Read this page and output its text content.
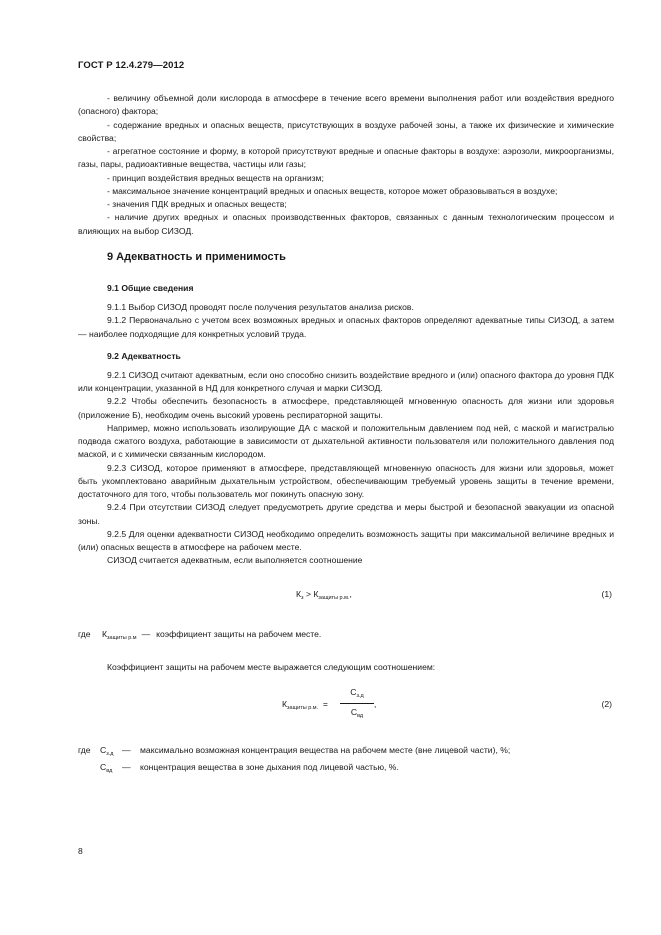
ГОСТ Р 12.4.279—2012

- величину объемной доли кислорода в атмосфере в течение всего времени выполнения работ или воздействия вредного (опасного) фактора;

- содержание вредных и опасных веществ, присутствующих в воздухе рабочей зоны, а также их физические и химические свойства;

- агрегатное состояние и форму, в которой присутствуют вредные и опасные факторы в воздухе: аэрозоли, микроорганизмы, газы, пары, радиоактивные вещества, частицы или газы;

- принцип воздействия вредных веществ на организм;

- максимальное значение концентраций вредных и опасных веществ, которое может образовываться в воздухе;

- значения ПДК вредных и опасных веществ;

- наличие других вредных и опасных производственных факторов, связанных с данным технологическим процессом и влияющих на выбор СИЗОД.

9 Адекватность и применимость
9.1 Общие сведения

9.1.1 Выбор СИЗОД проводят после получения результатов анализа рисков.

9.1.2 Первоначально с учетом всех возможных вредных и опасных факторов определяют адекватные типы СИЗОД, а затем — наиболее подходящие для конкретных условий труда.

9.2 Адекватность

9.2.1 СИЗОД считают адекватным, если оно способно снизить воздействие вредного и (или) опасного фактора до уровня ПДК или концентрации, указанной в НД для конкретного случая и марки СИЗОД.

9.2.2 Чтобы обеспечить безопасность в атмосфере, представляющей мгновенную опасность для жизни или здоровья (приложение Б), необходим очень высокий уровень респираторной защиты.

Например, можно использовать изолирующие ДА с маской и положительным давлением под ней, с маской и магистралью подвода сжатого воздуха, работающие в зависимости от дыхательной активности пользователя или положительного давления под маской, и с химически связанным кислородом.

9.2.3 СИЗОД, которое применяют в атмосфере, представляющей мгновенную опасность для жизни или здоровья, может быть укомплектовано аварийным дыхательным устройством, обеспечивающим требуемый уровень защиты в течение времени, достаточного для того, чтобы пользователь мог покинуть опасную зону.

9.2.4 При отсутствии СИЗОД следует предусмотреть другие средства и меры быстрой и безопасной эвакуации из опасной зоны.

9.2.5 Для оценки адекватности СИЗОД необходимо определить возможность защиты при максимальной величине вредных и (или) опасных веществ в атмосфере на рабочем месте.

СИЗОД считается адекватным, если выполняется соотношение

$К_з > К_{защиты р.м.}$,	(1)
где	$К_{защиты р.м}$ — коэффициент защиты на рабочем месте.

Коэффициент защиты на рабочем месте выражается следующим соотношением:

$К_{защиты р.м.}$ =
$С_{з.д}$
$С_{вд}$
,	(2)
где	$С_{з.д}$ —	максимально возможная концентрация вещества на рабочем месте (вне лицевой части), %;
$С_{вд}$	—	концентрация вещества в зоне дыхания под лицевой частью, %.
8
